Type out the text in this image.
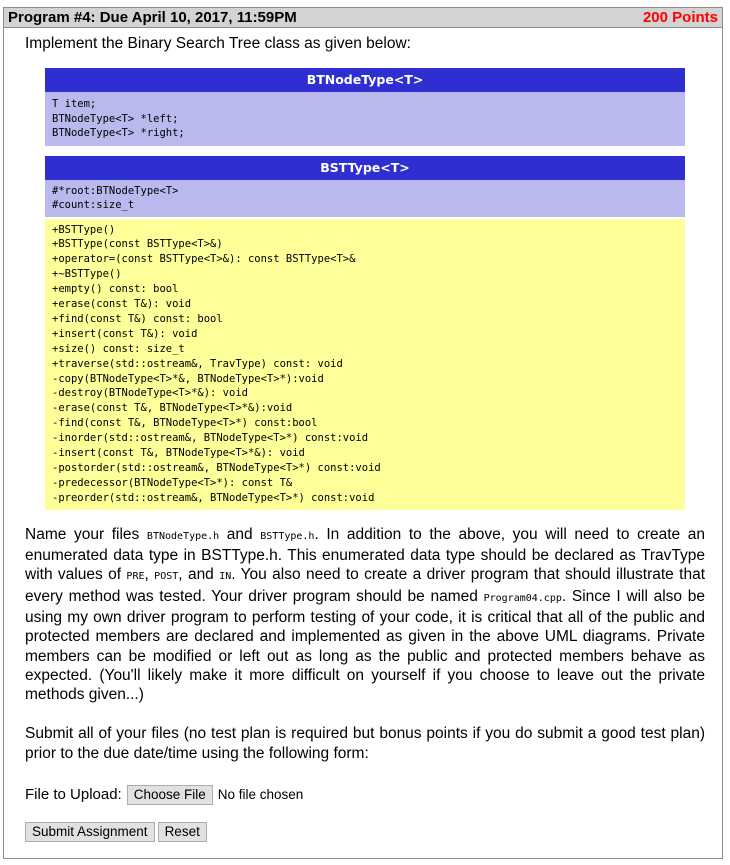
Program #4: Due April 10, 2017, 11:59PM	200 Points

Implement the Binary Search Tree class as given below:

BTNodeType<T>
T item;
BTNodeType<T> *left;
BTNodeType<T> *right;
BSTType<T>
#*root:BTNodeType<T>
#count:size_t
+BSTType()
+BSTType(const BSTType<T>&)
+operator=(const BSTType<T>&): const BSTType<T>&
+~BSTType()
+empty() const: bool
+erase(const T&): void
+find(const T&) const: bool
+insert(const T&): void
+size() const: size_t
+traverse(std::ostream&, TravType) const: void
-copy(BTNodeType<T>*&, BTNodeType<T>*):void
-destroy(BTNodeType<T>*&): void
-erase(const T&, BTNodeType<T>*&):void
-find(const T&, BTNodeType<T>*) const:bool
-inorder(std::ostream&, BTNodeType<T>*) const:void
-insert(const T&, BTNodeType<T>*&): void
-postorder(std::ostream&, BTNodeType<T>*) const:void
-predecessor(BTNodeType<T>*): const T&
-preorder(std::ostream&, BTNodeType<T>*) const:void

Name your files BTNodeType.h and BSTType.h. In addition to the above, you will need to create an enumerated data type in BSTType.h. This enumerated data type should be declared as TravType with values of PRE, POST, and IN. You also need to create a driver program that should illustrate that every method was tested. Your driver program should be named Program04.cpp. Since I will also be using my own driver program to perform testing of your code, it is critical that all of the public and protected members are declared and implemented as given in the above UML diagrams. Private members can be modified or left out as long as the public and protected members behave as expected. (You'll likely make it more difficult on yourself if you choose to leave out the private methods given...)

Submit all of your files (no test plan is required but bonus points if you do submit a good test plan) prior to the due date/time using the following form:

File to Upload: Choose File No file chosen
Submit Assignment	Reset
